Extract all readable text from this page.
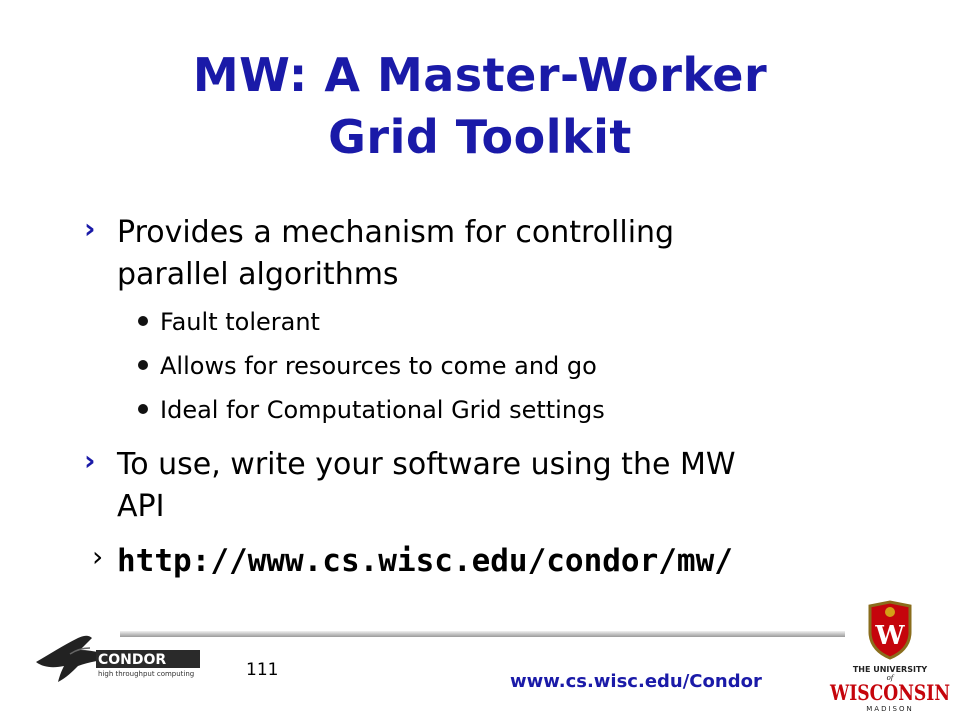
MW: A Master-Worker
Grid Toolkit
› Provides a mechanism for controlling
parallel algorithms
Fault tolerant
Allows for resources to come and go
Ideal for Computational Grid settings
› To use, write your software using the MW
API
› http://www.cs.wisc.edu/condor/mw/
111
www.cs.wisc.edu/Condor
CONDOR
high throughput computing
W
THE UNIVERSITY
of
WISCONSIN
MADISON
